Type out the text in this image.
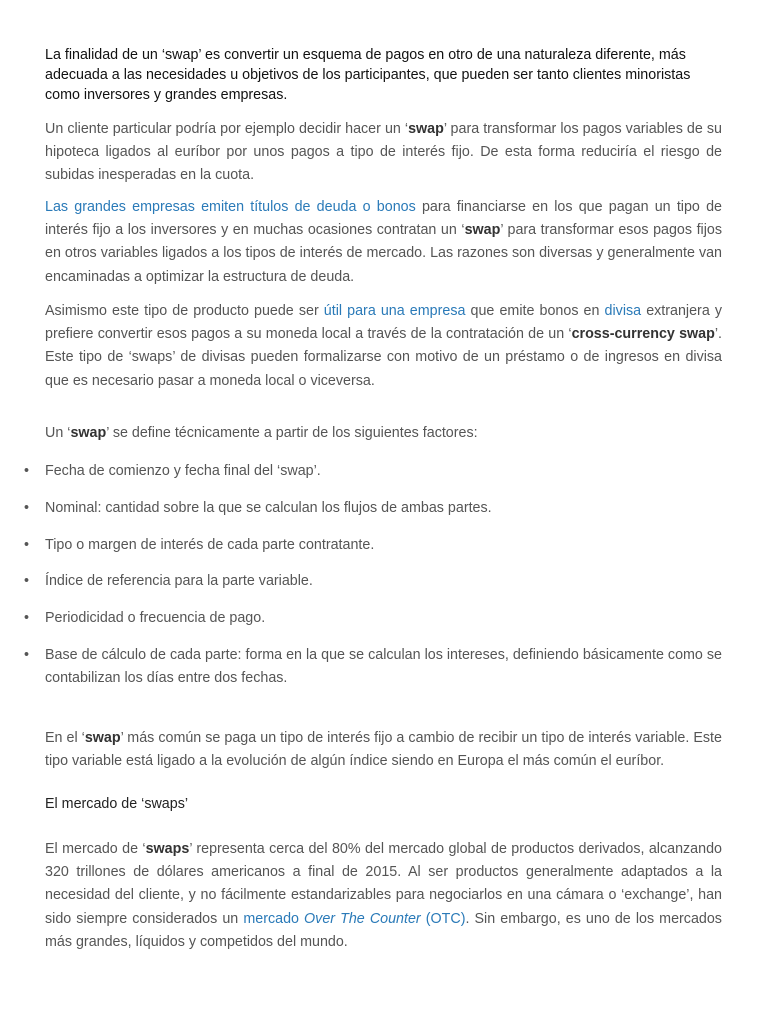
La finalidad de un ‘swap’ es convertir un esquema de pagos en otro de una naturaleza diferente, más adecuada a las necesidades u objetivos de los participantes, que pueden ser tanto clientes minoristas como inversores y grandes empresas.

Un cliente particular podría por ejemplo decidir hacer un ‘swap’ para transformar los pagos variables de su hipoteca ligados al euríbor por unos pagos a tipo de interés fijo. De esta forma reduciría el riesgo de subidas inesperadas en la cuota.

Las grandes empresas emiten títulos de deuda o bonos para financiarse en los que pagan un tipo de interés fijo a los inversores y en muchas ocasiones contratan un ‘swap’ para transformar esos pagos fijos en otros variables ligados a los tipos de interés de mercado. Las razones son diversas y generalmente van encaminadas a optimizar la estructura de deuda.

Asimismo este tipo de producto puede ser útil para una empresa que emite bonos en divisa extranjera y prefiere convertir esos pagos a su moneda local a través de la contratación de un ‘cross-currency swap’. Este tipo de ‘swaps’ de divisas pueden formalizarse con motivo de un préstamo o de ingresos en divisa que es necesario pasar a moneda local o viceversa.

Un ‘swap’ se define técnicamente a partir de los siguientes factores:

• Fecha de comienzo y fecha final del ‘swap’.
• Nominal: cantidad sobre la que se calculan los flujos de ambas partes.
• Tipo o margen de interés de cada parte contratante.
• Índice de referencia para la parte variable.
• Periodicidad o frecuencia de pago.
• Base de cálculo de cada parte: forma en la que se calculan los intereses, definiendo básicamente como se contabilizan los días entre dos fechas.

En el ‘swap’ más común se paga un tipo de interés fijo a cambio de recibir un tipo de interés variable. Este tipo variable está ligado a la evolución de algún índice siendo en Europa el más común el euríbor.

El mercado de ‘swaps’

El mercado de ‘swaps’ representa cerca del 80% del mercado global de productos derivados, alcanzando 320 trillones de dólares americanos a final de 2015. Al ser productos generalmente adaptados a la necesidad del cliente, y no fácilmente estandarizables para negociarlos en una cámara o ‘exchange’, han sido siempre considerados un mercado Over The Counter (OTC). Sin embargo, es uno de los mercados más grandes, líquidos y competidos del mundo.
